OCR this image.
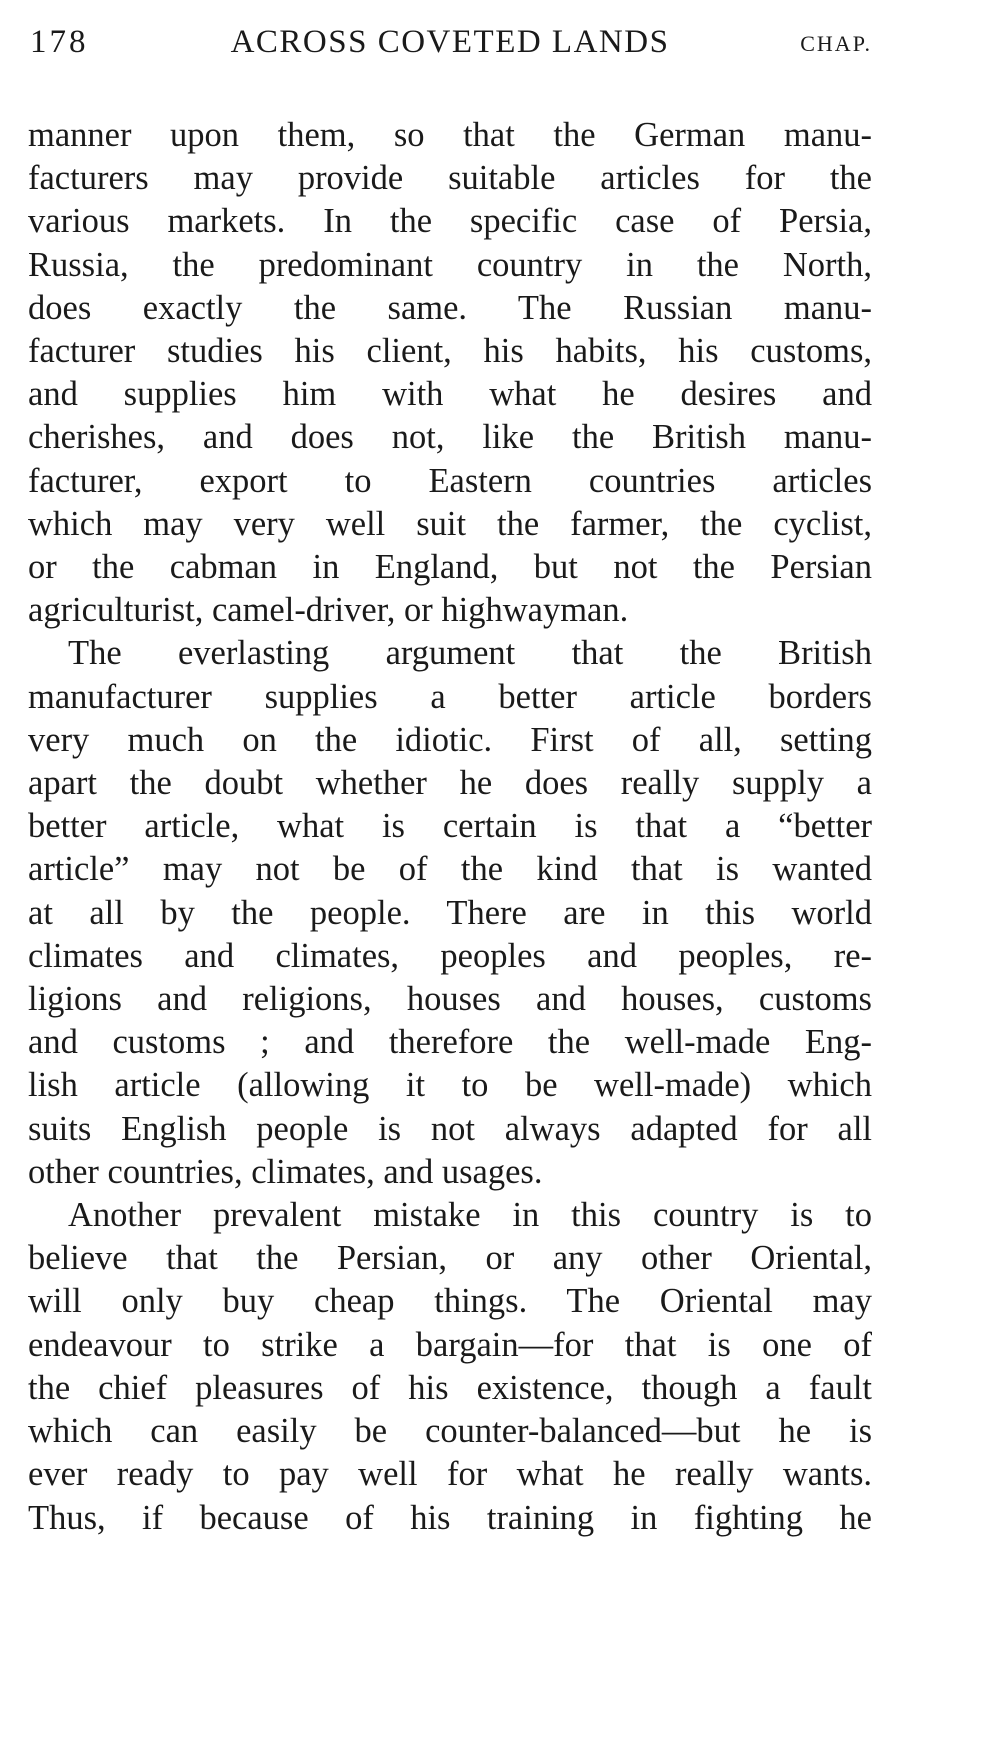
178	ACROSS COVETED LANDS	CHAP.
manner upon them, so that the German manu-
facturers may provide suitable articles for the
various markets. In the specific case of Persia,
Russia, the predominant country in the North,
does exactly the same. The Russian manu-
facturer studies his client, his habits, his customs,
and supplies him with what he desires and
cherishes, and does not, like the British manu-
facturer, export to Eastern countries articles
which may very well suit the farmer, the cyclist,
or the cabman in England, but not the Persian
agriculturist, camel-driver, or highwayman.
The everlasting argument that the British
manufacturer supplies a better article borders
very much on the idiotic. First of all, setting
apart the doubt whether he does really supply a
better article, what is certain is that a “better
article” may not be of the kind that is wanted
at all by the people. There are in this world
climates and climates, peoples and peoples, re-
ligions and religions, houses and houses, customs
and customs ; and therefore the well-made Eng-
lish article (allowing it to be well-made) which
suits English people is not always adapted for all
other countries, climates, and usages.
Another prevalent mistake in this country is to
believe that the Persian, or any other Oriental,
will only buy cheap things. The Oriental may
endeavour to strike a bargain—for that is one of
the chief pleasures of his existence, though a fault
which can easily be counter-balanced—but he is
ever ready to pay well for what he really wants.
Thus, if because of his training in fighting he
